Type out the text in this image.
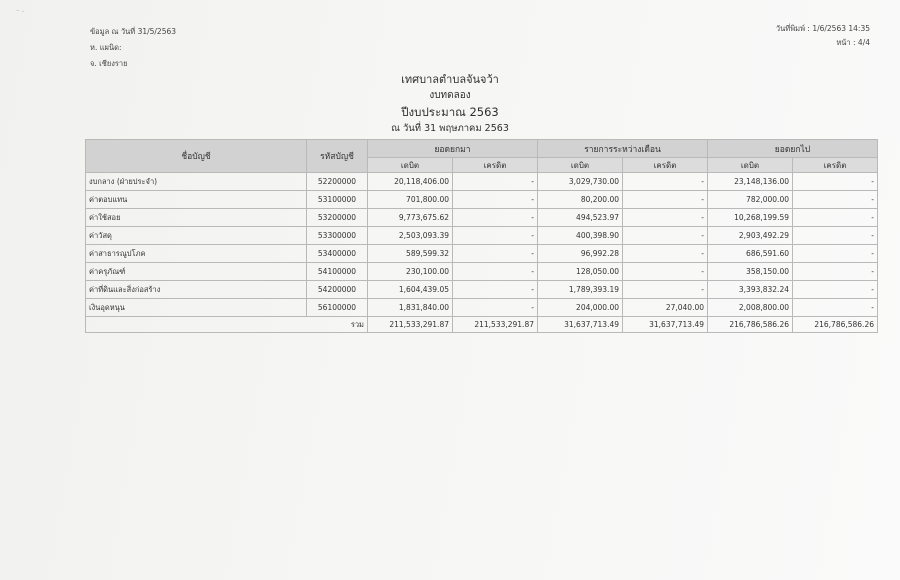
⁻ ·
ข้อมูล ณ วันที่ 31/5/2563
ห. แผนิด:
จ. เชียงราย
วันที่พิมพ์ : 1/6/2563 14:35
หน้า : 4/4
เทศบาลตำบลจันจว้า
งบทดลอง
ปีงบประมาณ 2563
ณ วันที่ 31 พฤษภาคม 2563
ชื่อบัญชี	รหัสบัญชี	ยอดยกมา		รายการระหว่างเดือน		ยอดยกไป	
		เดบิต	เครดิต	เดบิต	เครดิต	เดบิต	เครดิต
งบกลาง (ฝ่ายประจำ)	52200000	20,118,406.00	-	3,029,730.00	-	23,148,136.00	-
ค่าตอบแทน	53100000	701,800.00	-	80,200.00	-	782,000.00	-
ค่าใช้สอย	53200000	9,773,675.62	-	494,523.97	-	10,268,199.59	-
ค่าวัสดุ	53300000	2,503,093.39	-	400,398.90	-	2,903,492.29	-
ค่าสาธารณูปโภค	53400000	589,599.32	-	96,992.28	-	686,591.60	-
ค่าครุภัณฑ์	54100000	230,100.00	-	128,050.00	-	358,150.00	-
ค่าที่ดินและสิ่งก่อสร้าง	54200000	1,604,439.05	-	1,789,393.19	-	3,393,832.24	-
เงินอุดหนุน	56100000	1,831,840.00	-	204,000.00	27,040.00	2,008,800.00	-
รวม		211,533,291.87	211,533,291.87	31,637,713.49	31,637,713.49	216,786,586.26	216,786,586.26
